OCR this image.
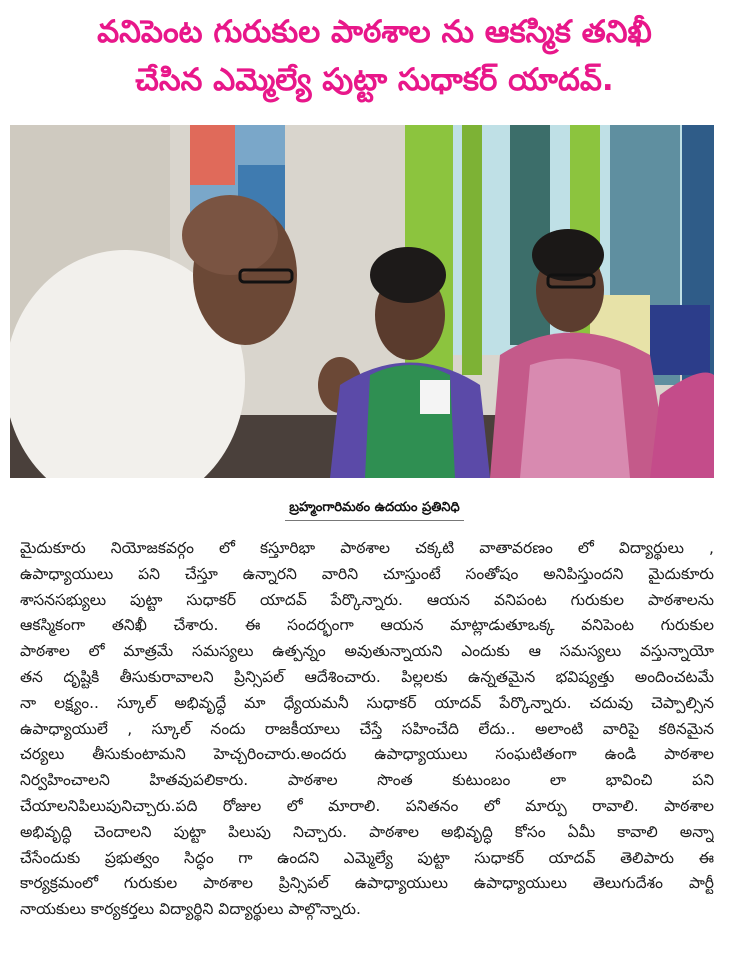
వనిపెంట గురుకుల పాఠశాల ను ఆకస్మిక తనిఖీ
చేసిన ఎమ్మెల్యే పుట్టా సుధాకర్ యాదవ్.
బ్రహ్మంగారిమఠం ఉదయం ప్రతినిధి
మైదుకూరు నియోజకవర్గం లో కస్తూరిభా పాఠశాల చక్కటి వాతావరణం లో విద్యార్థులు ,
ఉపాధ్యాయులు పని చేస్తూ ఉన్నారని వారిని చూస్తుంటే సంతోషం అనిపిస్తుందని మైదుకూరు
శాసనసభ్యులు పుట్టా సుధాకర్ యాదవ్ పేర్కొన్నారు. ఆయన వనిపంట గురుకుల పాఠశాలను
ఆకస్మికంగా తనిఖీ చేశారు. ఈ సందర్భంగా ఆయన మాట్లాడుతూఒక్క వనిపెంట గురుకుల
పాఠశాల లో మాత్రమే సమస్యలు ఉత్పన్నం అవుతున్నాయని ఎందుకు ఆ సమస్యలు వస్తున్నాయో
తన దృష్టికి తీసుకురావాలని ప్రిన్సిపల్ ఆదేశించారు. పిల్లలకు ఉన్నతమైన భవిష్యత్తు అందించటమే
నా లక్ష్యం.. స్కూల్ అభివృద్ధే మా ధ్యేయమనీ సుధాకర్ యాదవ్ పేర్కొన్నారు. చదువు చెప్పాల్సిన
ఉపాధ్యాయులే , స్కూల్ నందు రాజకీయాలు చేస్తే సహించేది లేదు.. అలాంటి వారిపై కఠినమైన
చర్యలు తీసుకుంటామని హెచ్చరించారు.అందరు ఉపాధ్యాయులు సంఘటితంగా ఉండి పాఠశాల
నిర్వహించాలని హితవుపలికారు. పాఠశాల సొంత కుటుంబం లా భావించి పని
చేయాలనిపిలుపునిచ్చారు.పది రోజుల లో మారాలి. పనితనం లో మార్పు రావాలి. పాఠశాల
అభివృద్ధి చెందాలని పుట్టా పిలుపు నిచ్చారు. పాఠశాల అభివృద్ధి కోసం ఏమీ కావాలి అన్నా
చేసేందుకు ప్రభుత్వం సిద్ధం గా ఉందని ఎమ్మెల్యే పుట్టా సుధాకర్ యాదవ్ తెలిపారు ఈ
కార్యక్రమంలో గురుకుల పాఠశాల ప్రిన్సిపల్ ఉపాధ్యాయులు ఉపాధ్యాయులు తెలుగుదేశం పార్టీ
నాయకులు కార్యకర్తలు విద్యార్థిని విద్యార్థులు పాల్గొన్నారు.
